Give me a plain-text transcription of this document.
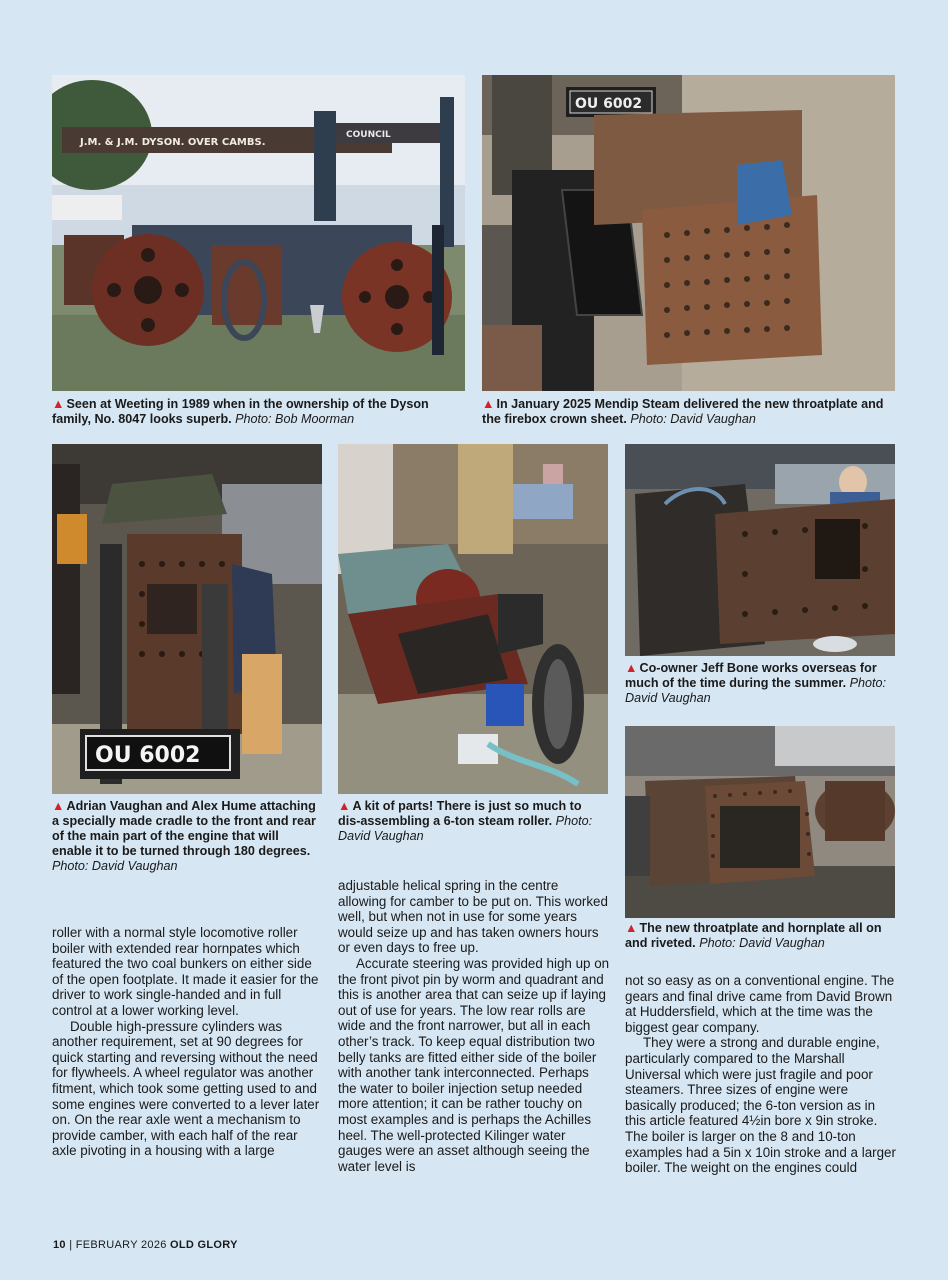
J.M. & J.M. DYSON. OVER CAMBS.
COUNCIL
OU 6002
▲ Seen at Weeting in 1989 when in the ownership of the Dyson family, No. 8047 looks superb. Photo: Bob Moorman
▲ In January 2025 Mendip Steam delivered the new throatplate and the firebox crown sheet. Photo: David Vaughan
OU 6002
▲ Co-owner Jeff Bone works overseas for much of the time during the summer. Photo: David Vaughan
▲ Adrian Vaughan and Alex Hume attaching a specially made cradle to the front and rear of the main part of the engine that will enable it to be turned through 180 degrees. Photo: David Vaughan
▲ A kit of parts! There is just so much to dis-assembling a 6-ton steam roller. Photo: David Vaughan
▲ The new throatplate and hornplate all on and riveted. Photo: David Vaughan

roller with a normal style locomotive roller boiler with extended rear hornpates which featured the two coal bunkers on either side of the open footplate. It made it easier for the driver to work single-handed and in full control at a lower working level.

Double high-pressure cylinders was another requirement, set at 90 degrees for quick starting and reversing without the need for flywheels. A wheel regulator was another fitment, which took some getting used to and some engines were converted to a lever later on. On the rear axle went a mechanism to provide camber, with each half of the rear axle pivoting in a housing with a large

adjustable helical spring in the centre allowing for camber to be put on. This worked well, but when not in use for some years would seize up and has taken owners hours or even days to free up.

Accurate steering was provided high up on the front pivot pin by worm and quadrant and this is another area that can seize up if laying out of use for years. The low rear rolls are wide and the front narrower, but all in each other’s track. To keep equal distribution two belly tanks are fitted either side of the boiler with another tank interconnected. Perhaps the water to boiler injection setup needed more attention; it can be rather touchy on most examples and is perhaps the Achilles heel. The well-protected Kilinger water gauges were an asset although seeing the water level is

not so easy as on a conventional engine. The gears and final drive came from David Brown at Huddersfield, which at the time was the biggest gear company.

They were a strong and durable engine, particularly compared to the Marshall Universal which were just fragile and poor steamers. Three sizes of engine were basically produced; the 6-ton version as in this article featured 4½in bore x 9in stroke. The boiler is larger on the 8 and 10-ton examples had a 5in x 10in stroke and a larger boiler. The weight on the engines could

10 | FEBRUARY 2026 OLD GLORY
